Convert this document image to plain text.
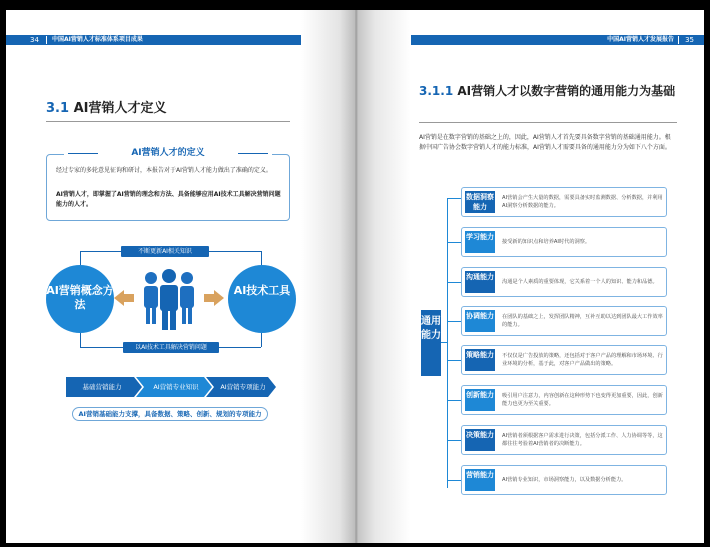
34 中国AI营销人才标准体系项目成果
3.1 AI营销人才定义
AI营销人才的定义
经过专家的多轮意见征询和研讨，本报告对于AI营销人才能力做出了准确的定义。
AI营销人才，即掌握了AI营销的理念和方法、具备能够应用AI技术工具解决营销问题能力的人才。
不断更新AI相关知识
AI营销概念方法
AI技术工具
以AI技术工具解决营销问题
基础营销能力	AI营销专业知识	AI营销专项能力
AI营销基础能力支撑，具备数据、策略、创新、规划的专项能力
中国AI营销人才发展报告 35
3.1.1 AI营销人才以数字营销的通用能力为基础
AI营销是在数字营销的基础之上的，因此，AI营销人才首先要具备数字营销的基础通用能力。根据中国广告协会数字营销人才的能力标准，AI营销人才需要具备的通用能力分为如下八个方面。
通用能力
数据洞察能力
AI营销会产生大量的数据，需要具备实时监测数据、分析数据，并利用AI洞察分析数据的能力。
学习能力
接受新的知识点和培养AI时代的洞察。
沟通能力
沟通是个人素质的重要体现，它关系着一个人的知识、能力和品德。
协调能力 在团队的基础之上，发挥团队精神，互补互助以达到团队最大工作效率的能力。
策略能力 不仅仅是广告投放的策略，还包括对于客户产品的理解和市场环境、行业环境的分析，基于此，对客户产品做出的策略。
创新能力 吸引用户注意力，内容创新在这种形势下也变得更加重要，因此，创新能力也更为至关重要。
决策能力 AI营销者须根据客户需求进行决策，包括分派工作、人力协调等等，这都往往考验着AI营销者的决断能力。
营销能力
AI营销专业知识，市场洞察能力，以及数据分析能力。
